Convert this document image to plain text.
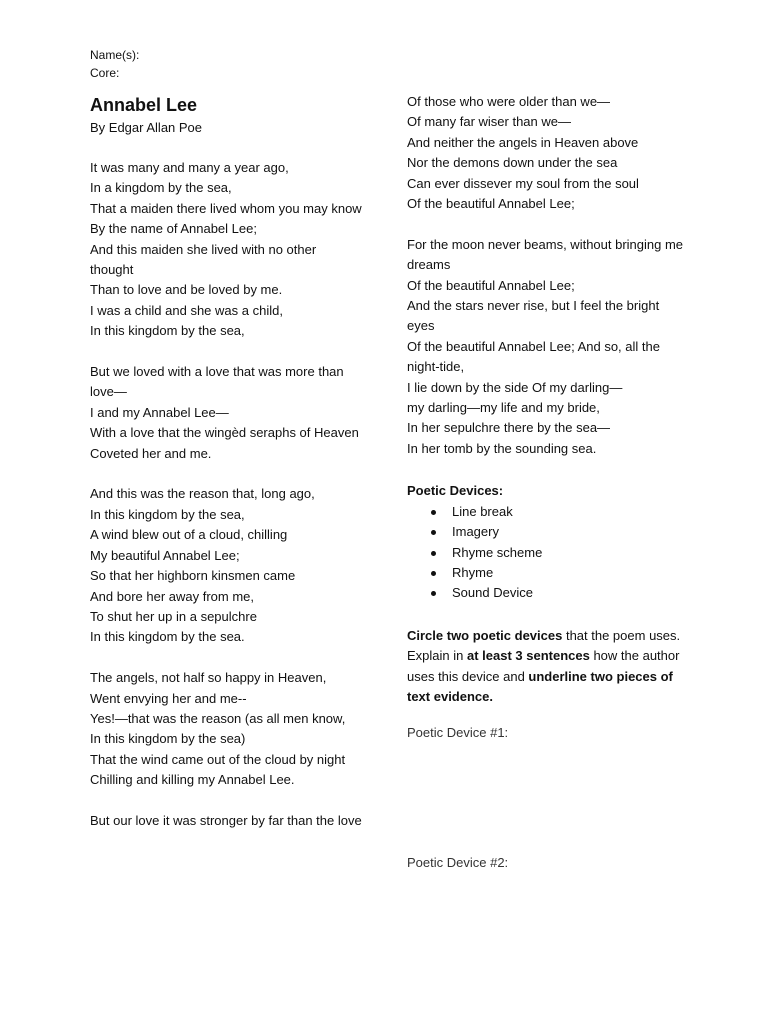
Name(s):
Core:
Annabel Lee
By Edgar Allan Poe

It was many and many a year ago,
In a kingdom by the sea,
That a maiden there lived whom you may know
By the name of Annabel Lee;
And this maiden she lived with no other thought
Than to love and be loved by me.
I was a child and she was a child,
In this kingdom by the sea,

But we loved with a love that was more than love—
I and my Annabel Lee—
With a love that the wingèd seraphs of Heaven
Coveted her and me.

And this was the reason that, long ago,
In this kingdom by the sea,
A wind blew out of a cloud, chilling
My beautiful Annabel Lee;
So that her highborn kinsmen came
And bore her away from me,
To shut her up in a sepulchre
In this kingdom by the sea.

The angels, not half so happy in Heaven,
Went envying her and me--
Yes!—that was the reason (as all men know,
In this kingdom by the sea)
That the wind came out of the cloud by night
Chilling and killing my Annabel Lee.

But our love it was stronger by far than the love

Of those who were older than we—
Of many far wiser than we—
And neither the angels in Heaven above
Nor the demons down under the sea
Can ever dissever my soul from the soul
Of the beautiful Annabel Lee;

For the moon never beams, without bringing me dreams
Of the beautiful Annabel Lee;
And the stars never rise, but I feel the bright eyes
Of the beautiful Annabel Lee; And so, all the night-tide,
I lie down by the side Of my darling—
my darling—my life and my bride,
In her sepulchre there by the sea—
In her tomb by the sounding sea.

Poetic Devices:
Line break
Imagery
Rhyme scheme
Rhyme
Sound Device
Circle two poetic devices that the poem uses. Explain in at least 3 sentences how the author uses this device and underline two pieces of text evidence.
Poetic Device #1:
Poetic Device #2:
